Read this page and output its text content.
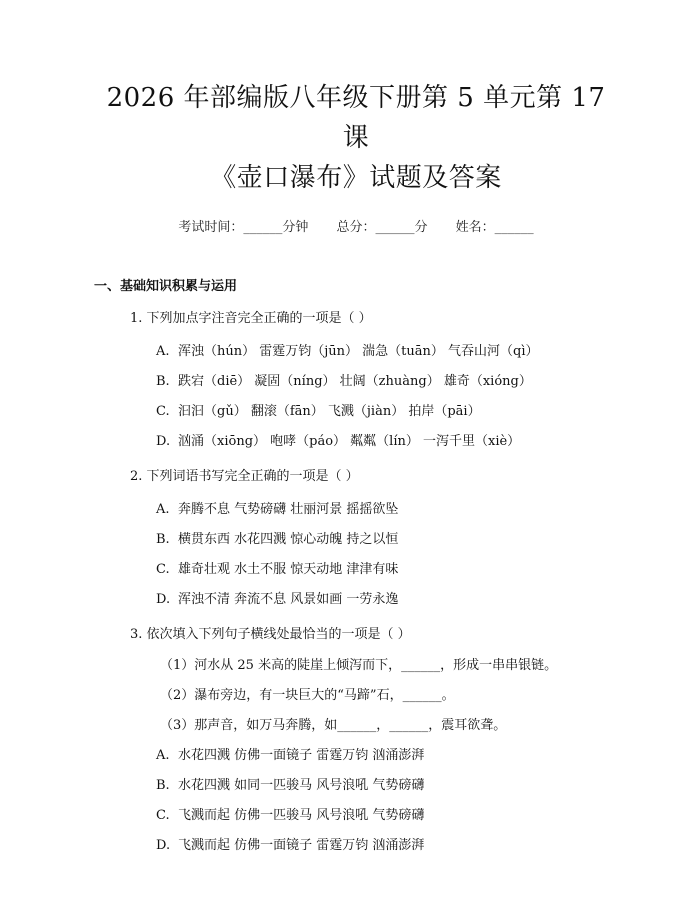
2026 年部编版八年级下册第 5 单元第 17 课
《壶口瀑布》试题及答案
考试时间：______分钟 总分：______分 姓名：______
一、基础知识积累与运用
1. 下列加点字注音完全正确的一项是（ ）
A. 浑浊（hún） 雷霆万钧（jūn） 湍急（tuān） 气吞山河（qì）
B. 跌宕（diē） 凝固（níng） 壮阔（zhuàng） 雄奇（xióng）
C. 汩汩（gǔ） 翻滚（fān） 飞溅（jiàn） 拍岸（pāi）
D. 汹涌（xiōng） 咆哮（páo） 粼粼（lín） 一泻千里（xiè）
2. 下列词语书写完全正确的一项是（ ）
A. 奔腾不息 气势磅礴 壮丽河景 摇摇欲坠
B. 横贯东西 水花四溅 惊心动魄 持之以恒
C. 雄奇壮观 水土不服 惊天动地 津津有味
D. 浑浊不清 奔流不息 风景如画 一劳永逸
3. 依次填入下列句子横线处最恰当的一项是（ ）
（1）河水从 25 米高的陡崖上倾泻而下，______，形成一串串银链。
（2）瀑布旁边，有一块巨大的“马蹄”石，______。
（3）那声音，如万马奔腾，如______，______，震耳欲聋。
A. 水花四溅 仿佛一面镜子 雷霆万钧 汹涌澎湃
B. 水花四溅 如同一匹骏马 风号浪吼 气势磅礴
C. 飞溅而起 仿佛一匹骏马 风号浪吼 气势磅礴
D. 飞溅而起 仿佛一面镜子 雷霆万钧 汹涌澎湃
